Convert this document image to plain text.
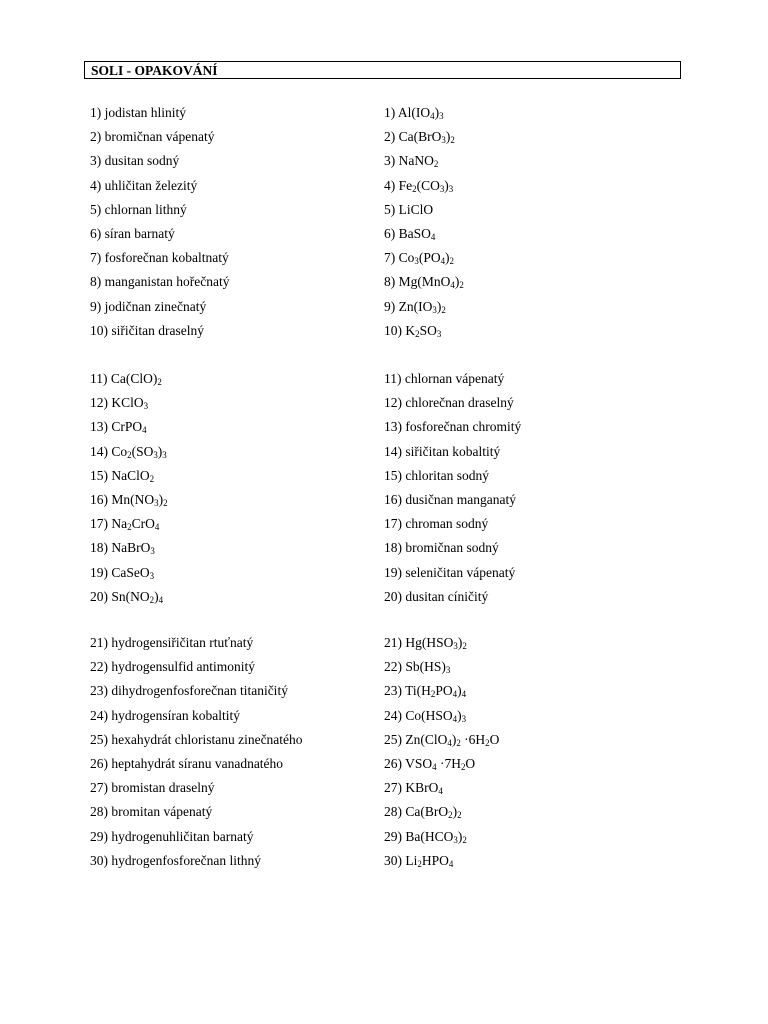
SOLI - OPAKOVÁNÍ
1) jodistan hlinitý
2) bromičnan vápenatý
3) dusitan sodný
4) uhličitan železitý
5) chlornan lithný
6) síran barnatý
7) fosforečnan kobaltnatý
8) manganistan hořečnatý
9) jodičnan zinečnatý
10) siřičitan draselný
1) $Al(IO_4)_3$
2) $Ca(BrO_3)_2$
3) NaNO$_2$
4) $Fe_2(CO_3)_3$
5) LiClO
6) BaSO$_4$
7) $Co_3(PO_4)_2$
8) $Mg(MnO_4)_2$
9) $Zn(IO_3)_2$
10) $K_2SO_3$
11) $Ca(ClO)_2$
12) KClO$_3$
13) CrPO$_4$
14) $Co_2(SO_3)_3$
15) NaClO$_2$
16) $Mn(NO_3)_2$
17) $Na_2CrO_4$
18) NaBrO$_3$
19) CaSeO$_3$
20) $Sn(NO_2)_4$
11) chlornan vápenatý
12) chlorečnan draselný
13) fosforečnan chromitý
14) siřičitan kobaltitý
15) chloritan sodný
16) dusičnan manganatý
17) chroman sodný
18) bromičnan sodný
19) seleničitan vápenatý
20) dusitan cíničitý
21) hydrogensiřičitan rtuťnatý
22) hydrogensulfid antimonitý
23) dihydrogenfosforečnan titaničitý
24) hydrogensíran kobaltitý
25) hexahydrát chloristanu zinečnatého
26) heptahydrát síranu vanadnatého
27) bromistan draselný
28) bromitan vápenatý
29) hydrogenuhličitan barnatý
30) hydrogenfosforečnan lithný
21) $Hg(HSO_3)_2$
22) $Sb(HS)_3$
23) $Ti(H_2PO_4)_4$
24) $Co(HSO_4)_3$
25) $Zn(ClO_4)_2 \cdot 6H_2O$
26) $VSO_4 \cdot 7H_2O$
27) KBrO$_4$
28) $Ca(BrO_2)_2$
29) $Ba(HCO_3)_2$
30) $Li_2HPO_4$
